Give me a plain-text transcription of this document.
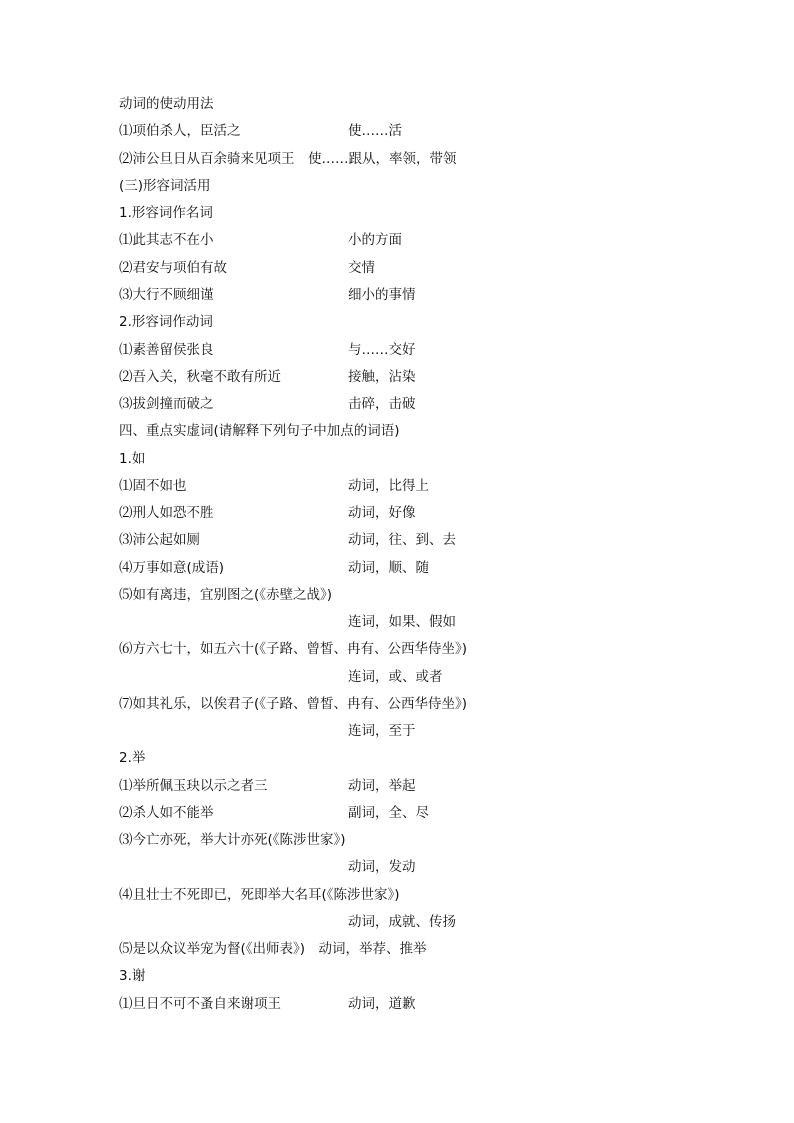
动词的使动用法
⑴项伯杀人，臣活之	使……活
⑵沛公旦日从百余骑来见项王　使……跟从，率领，带领
(三)形容词活用
1.形容词作名词
⑴此其志不在小	小的方面
⑵君安与项伯有故	交情
⑶大行不顾细谨	细小的事情
2.形容词作动词
⑴素善留侯张良	与……交好
⑵吾入关，秋毫不敢有所近	接触，沾染
⑶拔剑撞而破之	击碎，击破
四、重点实虚词(请解释下列句子中加点的词语)
1.如
⑴固不如也	动词，比得上
⑵刑人如恐不胜	动词，好像
⑶沛公起如厕	动词，往、到、去
⑷万事如意(成语)	动词，顺、随
⑸如有离违，宜别图之(《赤壁之战》)
连词，如果、假如
⑹方六七十，如五六十(《子路、曾皙、冉有、公西华侍坐》)
连词，或、或者
⑺如其礼乐，以俟君子(《子路、曾皙、冉有、公西华侍坐》)
连词，至于
2.举
⑴举所佩玉玦以示之者三	动词，举起
⑵杀人如不能举	副词，全、尽
⑶今亡亦死，举大计亦死(《陈涉世家》)
动词，发动
⑷且壮士不死即已，死即举大名耳(《陈涉世家》)
动词，成就、传扬
⑸是以众议举宠为督(《出师表》)　动词，举荐、推举
3.谢
⑴旦日不可不蚤自来谢项王	动词，道歉
